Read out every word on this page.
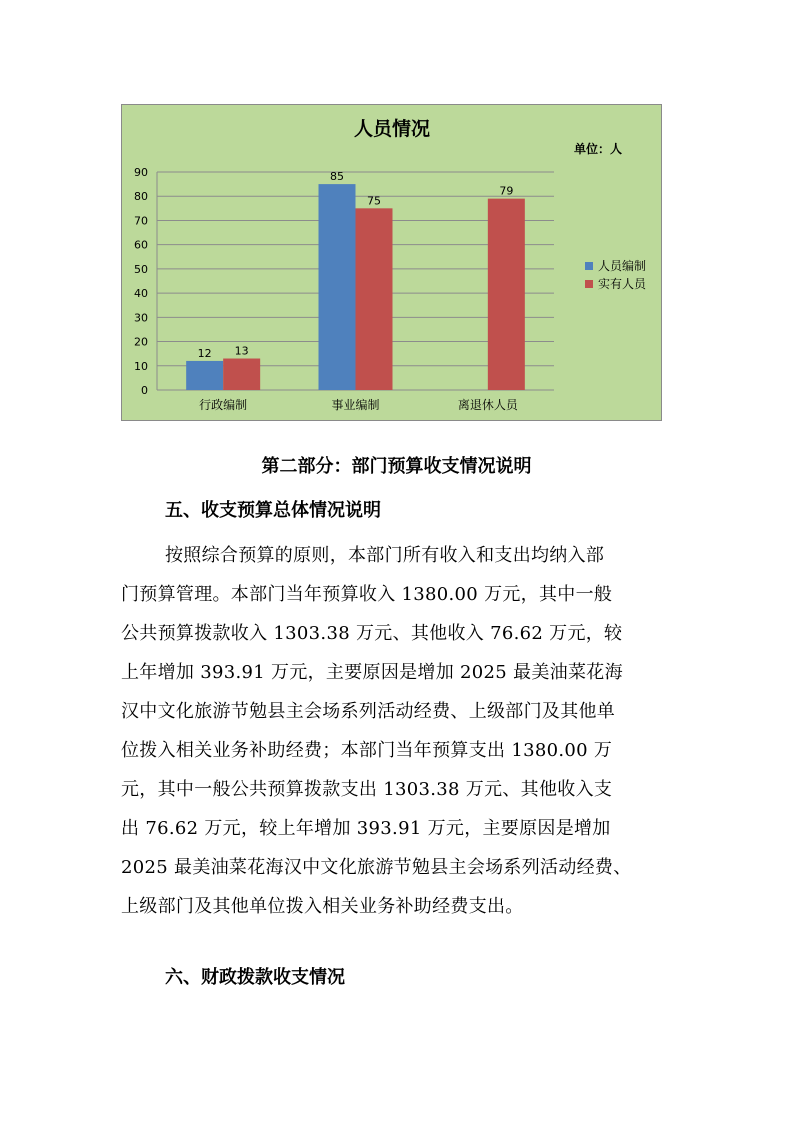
人员情况
单位：人
0
10
20
30
40
50
60
70
80
90
12 13
行政编制
85
75
事业编制
79
离退休人员
人员编制
实有人员
第二部分：部门预算收支情况说明
五、收支预算总体情况说明
按照综合预算的原则，本部门所有收入和支出均纳入部
门预算管理。本部门当年预算收入 1380.00 万元，其中一般
公共预算拨款收入 1303.38 万元、其他收入 76.62 万元，较
上年增加 393.91 万元，主要原因是增加 2025 最美油菜花海
汉中文化旅游节勉县主会场系列活动经费、上级部门及其他单
位拨入相关业务补助经费；本部门当年预算支出 1380.00 万
元，其中一般公共预算拨款支出 1303.38 万元、其他收入支
出 76.62 万元，较上年增加 393.91 万元，主要原因是增加
2025 最美油菜花海汉中文化旅游节勉县主会场系列活动经费、
上级部门及其他单位拨入相关业务补助经费支出。
六、财政拨款收支情况
